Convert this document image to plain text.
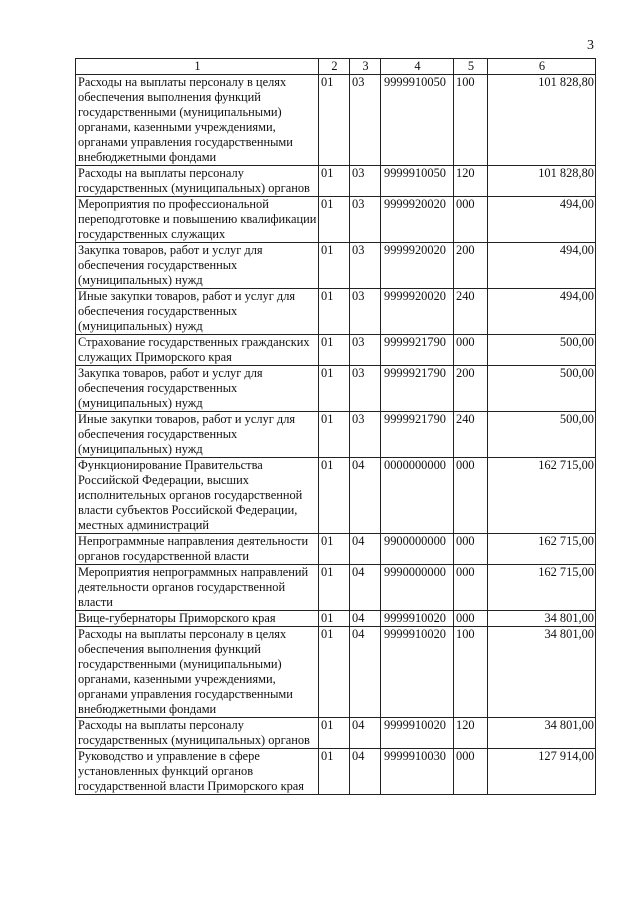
3
1	2	3	4	5	6
Расходы на выплаты персоналу в целях обеспечения выполнения функций государственными (муниципальными) органами, казенными учреждениями, органами управления государственными внебюджетными фондами	01	03	9999910050	100	101 828,80
Расходы на выплаты персоналу государственных (муниципальных) органов	01	03	9999910050	120	101 828,80
Мероприятия по профессиональной переподготовке и повышению квалификации государственных служащих	01	03	9999920020	000	494,00
Закупка товаров, работ и услуг для обеспечения государственных (муниципальных) нужд	01	03	9999920020	200	494,00
Иные закупки товаров, работ и услуг для обеспечения государственных (муниципальных) нужд	01	03	9999920020	240	494,00
Страхование государственных гражданских служащих Приморского края	01	03	9999921790	000	500,00
Закупка товаров, работ и услуг для обеспечения государственных (муниципальных) нужд	01	03	9999921790	200	500,00
Иные закупки товаров, работ и услуг для обеспечения государственных (муниципальных) нужд	01	03	9999921790	240	500,00
Функционирование Правительства Российской Федерации, высших исполнительных органов государственной власти субъектов Российской Федерации, местных администраций	01	04	0000000000	000	162 715,00
Непрограммные направления деятельности органов государственной власти	01	04	9900000000	000	162 715,00
Мероприятия непрограммных направлений деятельности органов государственной власти	01	04	9990000000	000	162 715,00
Вице-губернаторы Приморского края	01	04	9999910020	000	34 801,00
Расходы на выплаты персоналу в целях обеспечения выполнения функций государственными (муниципальными) органами, казенными учреждениями, органами управления государственными внебюджетными фондами	01	04	9999910020	100	34 801,00
Расходы на выплаты персоналу государственных (муниципальных) органов	01	04	9999910020	120	34 801,00
Руководство и управление в сфере установленных функций органов государственной власти Приморского края	01	04	9999910030	000	127 914,00
